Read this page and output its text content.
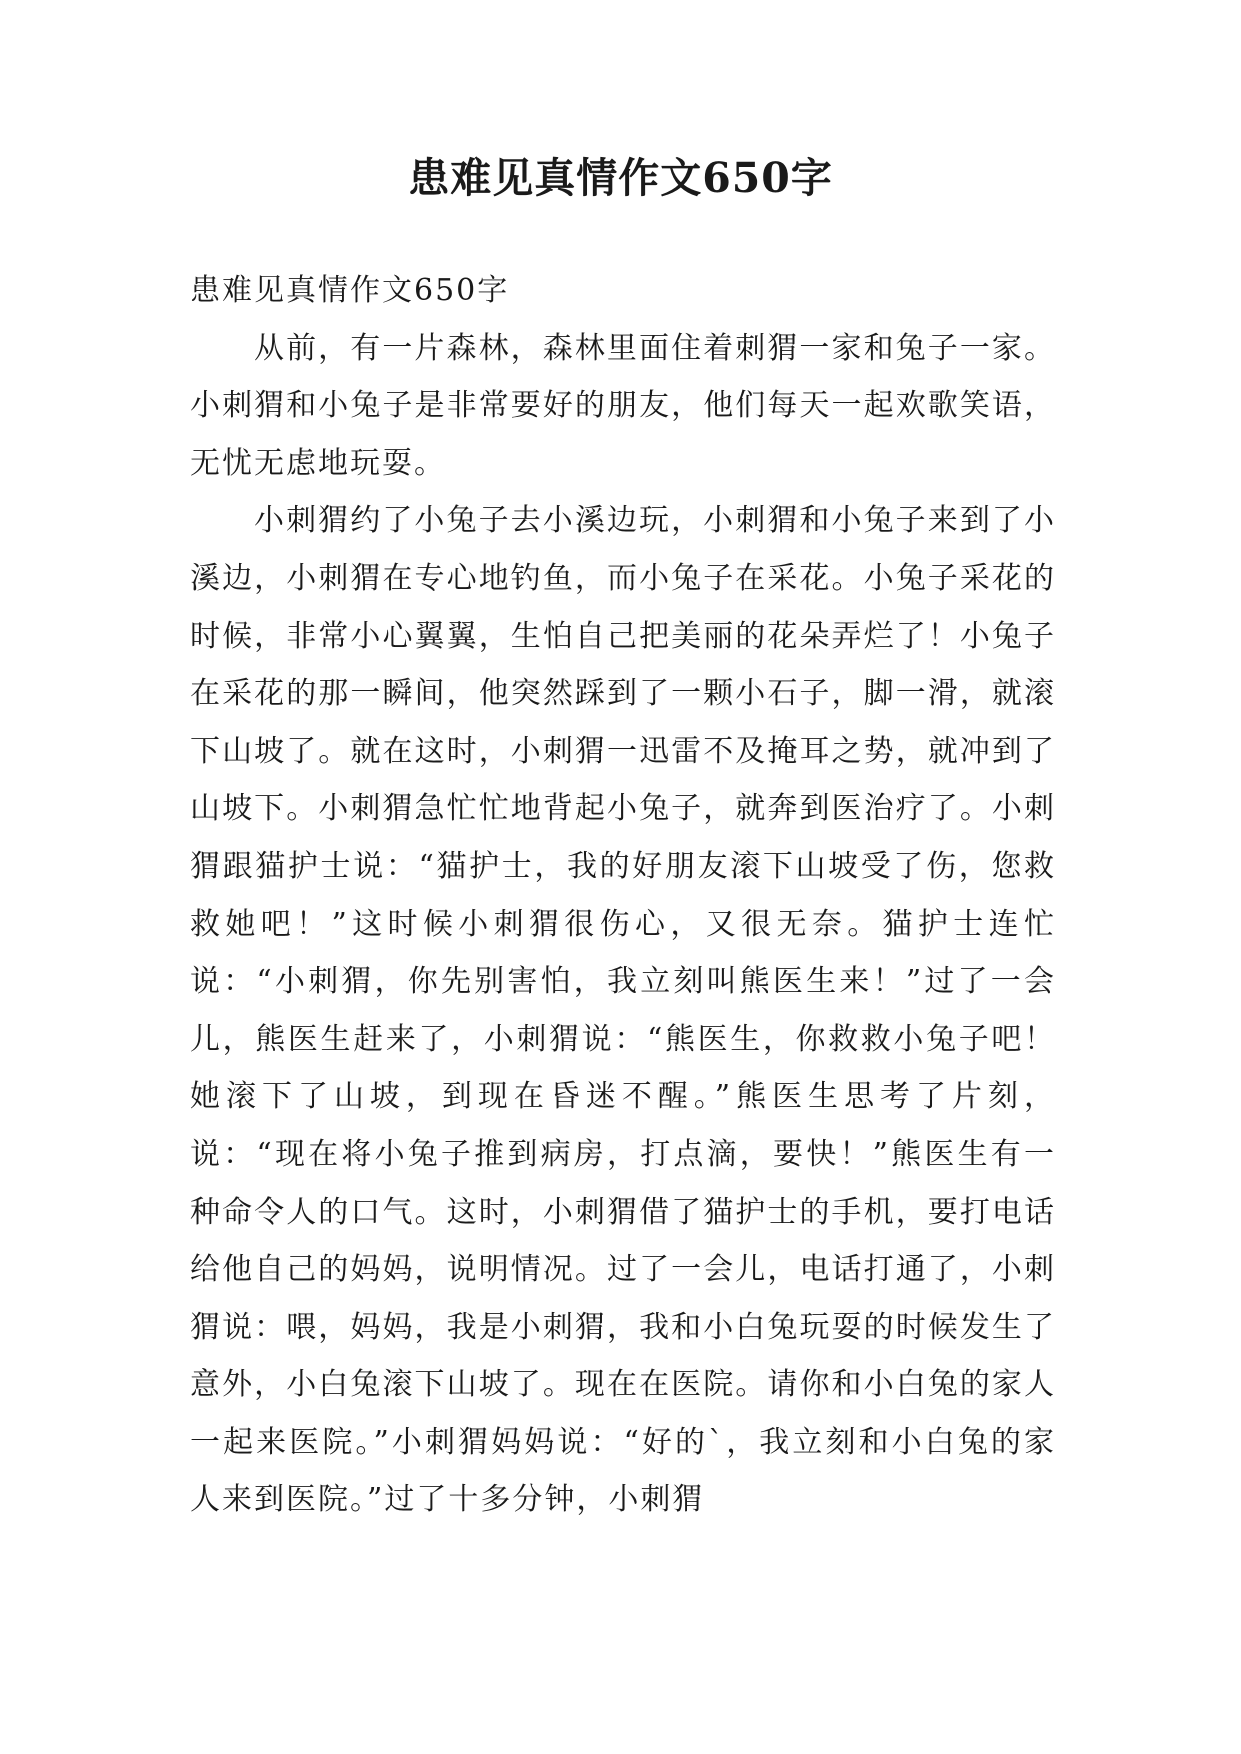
患难见真情作文650字

患难见真情作文650字

从前，有一片森林，森林里面住着刺猬一家和兔子一家。小刺猬和小兔子是非常要好的朋友，他们每天一起欢歌笑语，无忧无虑地玩耍。

小刺猬约了小兔子去小溪边玩，小刺猬和小兔子来到了小溪边，小刺猬在专心地钓鱼，而小兔子在采花。小兔子采花的时候，非常小心翼翼，生怕自己把美丽的花朵弄烂了！小兔子在采花的那一瞬间，他突然踩到了一颗小石子，脚一滑，就滚下山坡了。就在这时，小刺猬一迅雷不及掩耳之势，就冲到了山坡下。小刺猬急忙忙地背起小兔子，就奔到医治疗了。小刺猬跟猫护士说：“猫护士，我的好朋友滚下山坡受了伤，您救救她吧！”这时候小刺猬很伤心，又很无奈。猫护士连忙说：“小刺猬，你先别害怕，我立刻叫熊医生来！”过了一会儿，熊医生赶来了，小刺猬说：“熊医生，你救救小兔子吧！她滚下了山坡，到现在昏迷不醒。”熊医生思考了片刻，说：“现在将小兔子推到病房，打点滴，要快！”熊医生有一种命令人的口气。这时，小刺猬借了猫护士的手机，要打电话给他自己的妈妈，说明情况。过了一会儿，电话打通了，小刺猬说：喂，妈妈，我是小刺猬，我和小白兔玩耍的时候发生了意外，小白兔滚下山坡了。现在在医院。请你和小白兔的家人一起来医院。”小刺猬妈妈说：“好的`，我立刻和小白兔的家人来到医院。”过了十多分钟，小刺猬
